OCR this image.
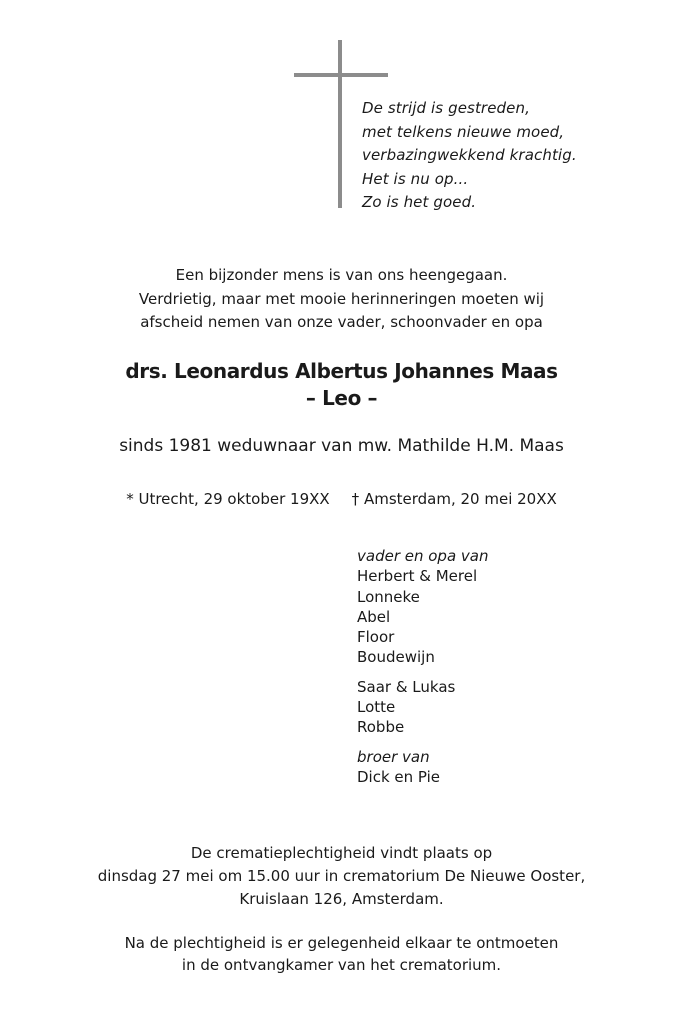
De strijd is gestreden,
met telkens nieuwe moed,
verbazingwekkend krachtig.
Het is nu op...
Zo is het goed.
Een bijzonder mens is van ons heengegaan.
Verdrietig, maar met mooie herinneringen moeten wij
afscheid nemen van onze vader, schoonvader en opa
drs. Leonardus Albertus Johannes Maas
– Leo –
sinds 1981 weduwnaar van mw. Mathilde H.M. Maas
* Utrecht, 29 oktober 19XX † Amsterdam, 20 mei 20XX
vader en opa van
Herbert & Merel
Lonneke
Abel
Floor
Boudewijn
Saar & Lukas
Lotte
Robbe
broer van
Dick en Pie
De crematieplechtigheid vindt plaats op
dinsdag 27 mei om 15.00 uur in crematorium De Nieuwe Ooster,
Kruislaan 126, Amsterdam.
Na de plechtigheid is er gelegenheid elkaar te ontmoeten
in de ontvangkamer van het crematorium.
